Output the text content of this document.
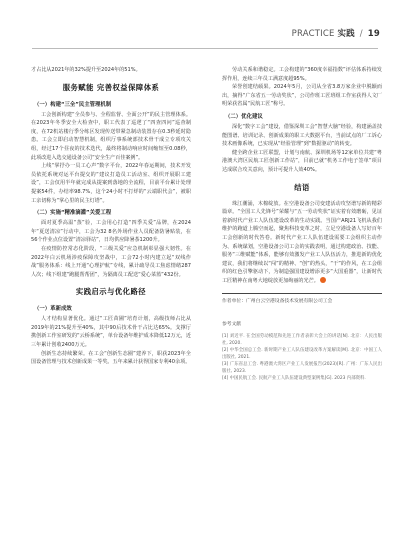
PRACTICE 实践 / 19

才占比从2021年的32%提升至2024年的51%。

服务赋能 完善权益保障体系
（一）构建“三全”民主管理机制

工会创新构建“全员参与、全程监督、全面公开”的民主管理体系。在2023年冬季安全大检查中，职工代表了巡逻了“四查四问”巡查制度，在72机站楼行季分练区发现传送带紧急制动装置存在0.3秒延时隐患。工会立即启动智慧机制，组织厅事系统部技术骨干成立专项攻关组，经过17个昼夜的技术迭代，最终将制动响应时间缩短至0.08秒，此项改进入选交通设备公司“安全生产百佳案例”。

上线“掌抒办一员工心声”数字平台，2022年春运期间，技术开发员依托系统对运平台提交的“建议打造员工活动室、组织开展职工建设”，工会仅用半年就完成从提案到落地的全流程，目前平台累计处理提案54件，办结率98.7%，这个24小时不打烊的“云端职代会”，被职工亲切称为“掌心里的民主灯塔”。

（二）实施“精准滴灌”关爱工程

面对夏季高温“蒸”验，工会用心打造“四季关爱”品牌，在2024年“夏送清凉”行动中，工会为32 8名外场作业人员配备防暑贴装，在56个作业点位设置“清凉驿站”，日均供应降暑茶1200升。

在疫情防控常态化阶段，“三级关爱”应急机制彰显强大韧性。在2022年白云机场涉疫保障攻坚战中，工会72小时内建立起“双线作战”服务体系：线上开通“心理护航”专线，累计疏导员工焦虑情绪287人次；线下组建“跑腿帮帮团”，为隔离员工配送“爱心菜篮”432份。

实践启示与优化路径
（一）革新成效

人才结构显著优化。通过“工匠苗圃”培育计划，高级技师占比从2019年的21%提升至40%，其中90后技术骨干占比达65%。支撑厅携创新工作室研发的“云桥系统”，单台设备年维护成本降低12万元，近三年累计创收2400万元。

创新生态持续繁荣。在工会“创新生态圈”建养下，职获2023年全国设备管理与技术创新成果一等奖。五年来累计获得国家专利40余项。

劳动关系和谐稳定。工会构建的“360度幸福指数”评估体系持续发挥作用，连续三年员工满意度超95%。

荣誉创建结硕果。2024年5月，公司从全省3.8万家企业中脱颖而出，摘得“广东省五一劳动奖状”，公司作班工匠班组工作室获得人文厂明荣获省属“民航工匠”称号。

（二）优化建议

深化“数字工会”建设，借鉴深圳工会“智慧大脑”经验，构建涵盖技能图谱、培训记录、创新成果的职工大数据平台，当前试点的厂工诉心技术画像系统，已实现从“经验管理”到“数据驱动”的转变。

健全跨企业工匠联盟，计划与南航、深圳机场等12家单位共建“粤港澳大湾区民航工匠创新工作站”，目前已就“机务工作电子签单”项目达成联合攻关意向，预计可提升人效40%。

结语

珠江潮涌，木棉绽放。在空港设备公司变建活动攻坚谱写新的精彩篇章。“全国工人先锋号”荣耀与“五一劳动奖状”证实着有效磨砺，见证着新时代产业工人队伍建设改革的生动实践。当国产ARJ21飞机从我们维护的跑道上腾空而起，聚焦科技变革之时，立足空港设备人写好百年工会创新的时代答卷。新时代产业工人队伍建设需要工会组织主动作为、系统谋划，空港设备公司工会的实践表明，通过构建政治、技能、服务“三维赋能”体系，能够有效激发产业工人队伍活力，推进新的优化建议，我们将继续以“闯”的精神、“创”的热头，“干”的作风，在工会组织的红色引擎驱动下，为制造强国建设增添更多“大国重器”，让新时代工匠精神在南粤大地绽放更加绚丽的光芒。

作者单位：广州白云空港设备技术发展有限公司工会

参考文献

[1] 刘近平. 在全国劳动模范和先进工作者表彰大会上的讲话[N]. 北京：人民出版社, 2020.

[2] 中华全国总工会. 新时期产业工人队伍建设改革方案解读[M]. 北京：中国工人出版社, 2021.

[3] 广东省总工会. 粤港澳大湾区产业工人发展报告(2023)[R]. 广州：广东人民出版社, 2023.

[4] 中国民航工会. 民航产业工人队伍建设典型案例集[G]. 2023 内部资料.
